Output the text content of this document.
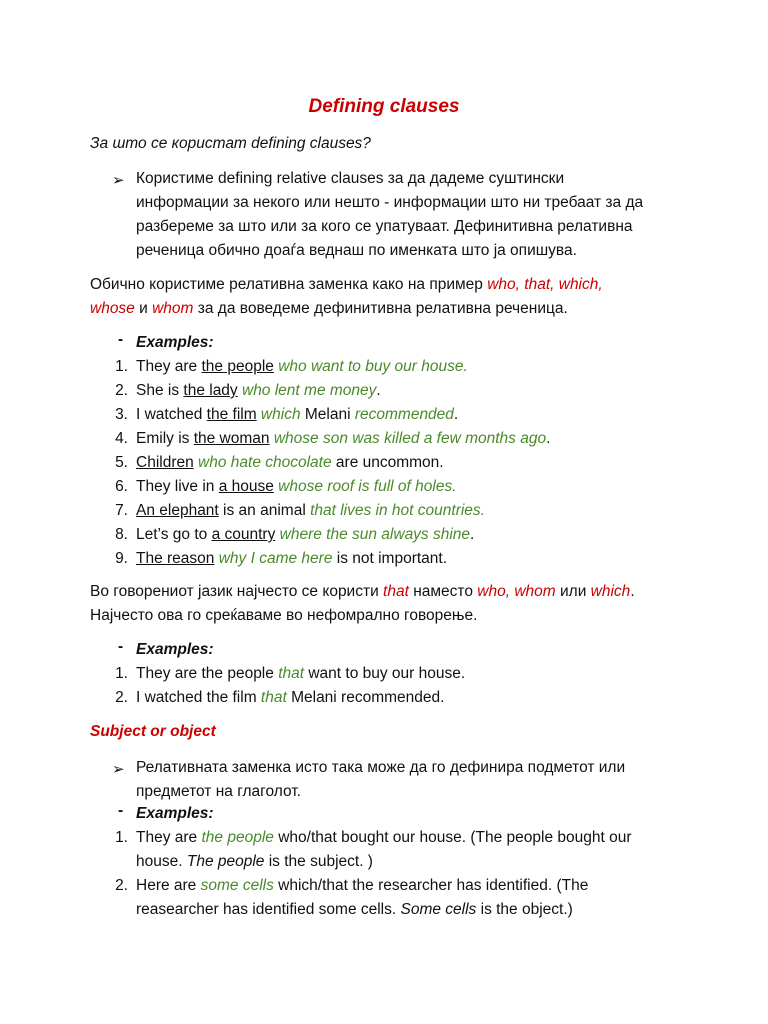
Defining clauses
За што се користат defining clauses?
➢ Користиме defining relative clauses за да дадеме суштински
информации за некого или нешто - информации што ни требаат за да
разбереме за што или за кого се упатуваат. Дефинитивна релативна
реченица обично доаѓа веднаш по именката што ја опишува.
Обично користиме релативна заменка како на пример who, that, which,
whose и whom за да воведеме дефинитивна релативна реченица.
- Examples:
1. They are the people who want to buy our house.
2. She is the lady who lent me money.
3. I watched the film which Melani recommended.
4. Emily is the woman whose son was killed a few months ago.
5. Children who hate chocolate are uncommon.
6. They live in a house whose roof is full of holes.
7. An elephant is an animal that lives in hot countries.
8. Let’s go to a country where the sun always shine.
9. The reason why I came here is not important.
Во говорениот јазик најчесто се користи that наместо who, whom или which.
Најчесто ова го среќаваме во нефомрално говорење.
- Examples:
1. They are the people that want to buy our house.
2. I watched the film that Melani recommended.
Subject or object
➢ Релативната заменка исто така може да го дефинира подметот или
предметот на глаголот.
- Examples:
1. They are the people who/that bought our house. (The people bought our
house. The people is the subject. )
2. Here are some cells which/that the researcher has identified. (The
reasearcher has identified some cells. Some cells is the object.)
